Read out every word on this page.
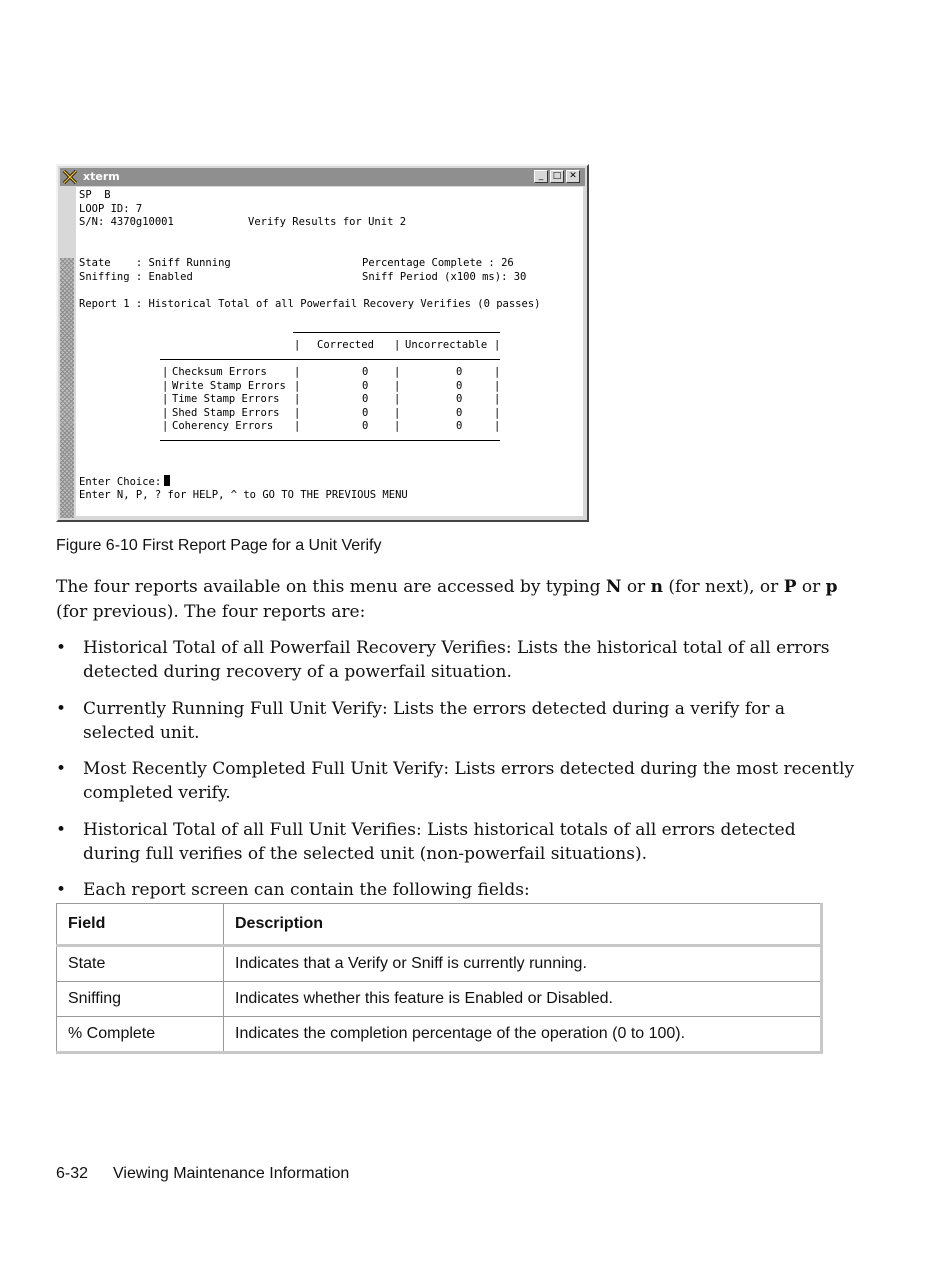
xterm	_	□ ✕
SP  B
LOOP ID: 7
S/N: 4370g10001	Verify Results for Unit 2
State    : Sniff Running
Sniffing : Enabled
Percentage Complete : 26
Sniff Period (x100 ms): 30
Report 1 : Historical Total of all Powerfail Recovery Verifies (0 passes)
| Corrected | Uncorrectable |
| Checksum Errors	|	0 |	0	|
| Write Stamp Errors |	0 |	0	|
| Time Stamp Errors |	0 |	0	|
| Shed Stamp Errors |	0 |	0	|
| Coherency Errors |	0 |	0	|
Enter Choice:
Enter N, P, ? for HELP, ^ to GO TO THE PREVIOUS MENU
Figure 6-10 First Report Page for a Unit Verify
The four reports available on this menu are accessed by typing N or n (for next), or P or p (for previous). The four reports are:
• Historical Total of all Powerfail Recovery Verifies: Lists the historical total of all errors detected during recovery of a powerfail situation.
• Currently Running Full Unit Verify: Lists the errors detected during a verify for a selected unit.
• Most Recently Completed Full Unit Verify: Lists errors detected during the most recently completed verify.
• Historical Total of all Full Unit Verifies: Lists historical totals of all errors detected during full verifies of the selected unit (non-powerfail situations).
• Each report screen can contain the following fields:
Field	Description
State	Indicates that a Verify or Sniff is currently running.
Sniffing	Indicates whether this feature is Enabled or Disabled.
% Complete	Indicates the completion percentage of the operation (0 to 100).
6-32 Viewing Maintenance Information
